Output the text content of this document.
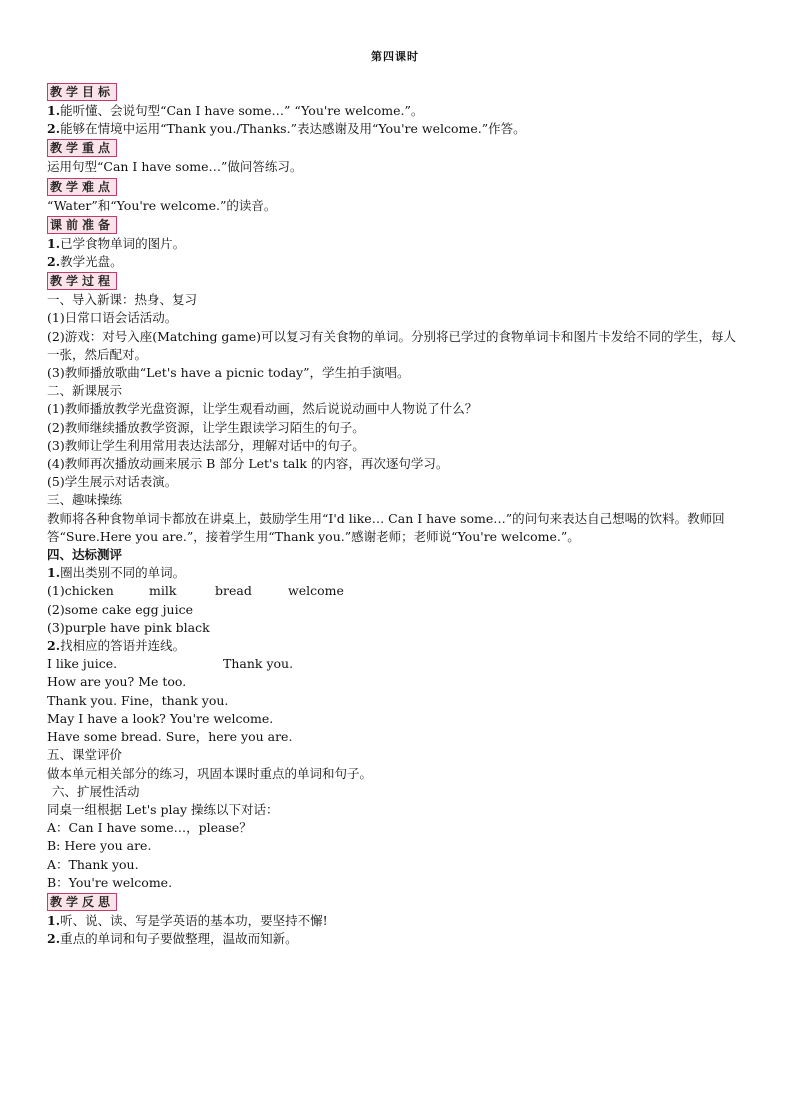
第四课时
教学目标
1.能听懂、会说句型“Can I have some…” “You're welcome.”。
2.能够在情境中运用“Thank you./Thanks.”表达感谢及用“You're welcome.”作答。
教学重点
运用句型“Can I have some…”做问答练习。
教学难点
“Water”和“You're welcome.”的读音。
课前准备
1.已学食物单词的图片。
2.教学光盘。
教学过程
一、导入新课：热身、复习
(1)日常口语会话活动。
(2)游戏：对号入座(Matching game)可以复习有关食物的单词。分别将已学过的食物单词卡和图片卡发给不同的学生，每人一张，然后配对。
(3)教师播放歌曲“Let's have a picnic today”，学生拍手演唱。
二、新课展示
(1)教师播放教学光盘资源，让学生观看动画，然后说说动画中人物说了什么？
(2)教师继续播放教学资源，让学生跟读学习陌生的句子。
(3)教师让学生利用常用表达法部分，理解对话中的句子。
(4)教师再次播放动画来展示 B 部分 Let's talk 的内容，再次逐句学习。
(5)学生展示对话表演。
三、趣味操练
教师将各种食物单词卡都放在讲桌上，鼓励学生用“I'd like… Can I have some…”的问句来表达自己想喝的饮料。教师回答“Sure.Here you are.”，接着学生用“Thank you.”感谢老师；老师说“You're welcome.”。
四、达标测评
1.圈出类别不同的单词。
(1)chicken	milk	bread	welcome
(2)some cake egg juice
(3)purple have pink black
2.找相应的答语并连线。
I like juice.	Thank you.
How are you? Me too.
Thank you. Fine，thank you.
May I have a look? You're welcome.
Have some bread. Sure，here you are.
五、课堂评价
做本单元相关部分的练习，巩固本课时重点的单词和句子。
六、扩展性活动
同桌一组根据 Let's play 操练以下对话：
A：Can I have some…，please？
B: Here you are.
A：Thank you.
B：You're welcome.
教学反思
1.听、说、读、写是学英语的基本功，要坚持不懈!
2.重点的单词和句子要做整理，温故而知新。
